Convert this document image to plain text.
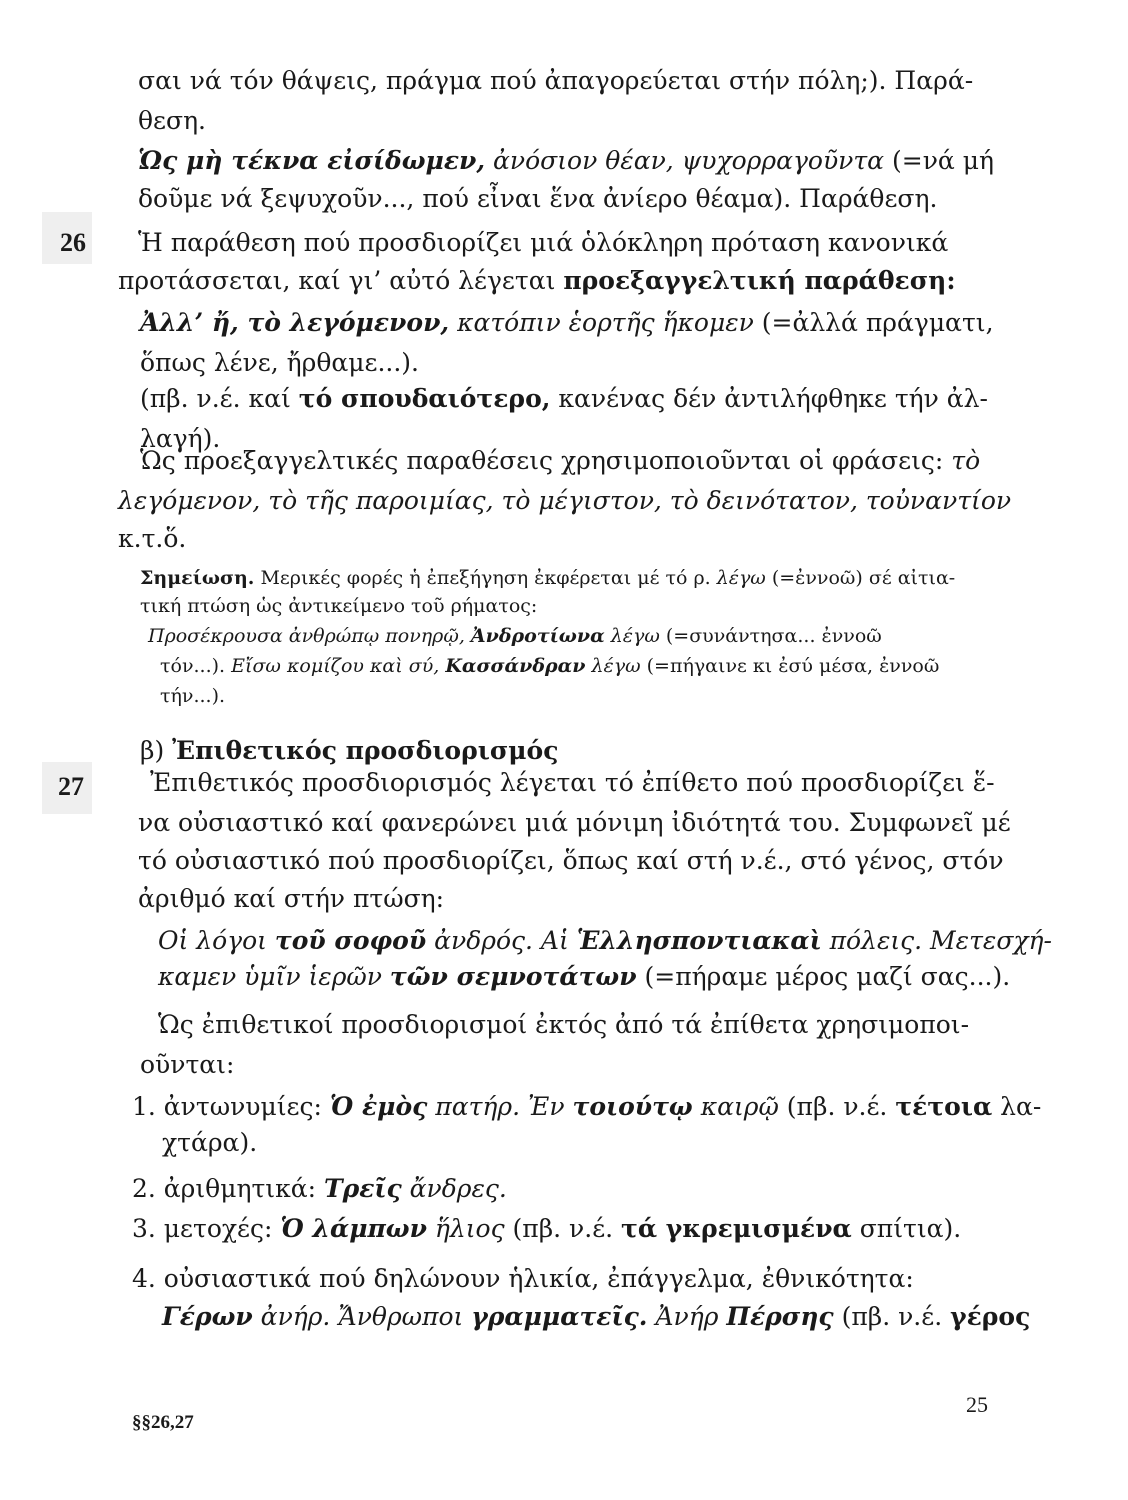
σαι νά τόν θάψεις, πράγμα πού ἀπαγορεύεται στήν πόλη;). Παρά-
θεση.
Ὡς μὴ τέκνα εἰσίδωμεν, ἀνόσιον θέαν, ψυχορραγοῦντα (=νά μή
δοῦμε νά ξεψυχοῦν..., πού εἶναι ἕνα ἀνίερο θέαμα). Παράθεση.
26 Ἡ παράθεση πού προσδιορίζει μιά ὁλόκληρη πρόταση κανονικά
προτάσσεται, καί γι’ αὐτό λέγεται προεξαγγελτική παράθεση:
Ἀλλ’ ἤ, τὸ λεγόμενον, κατόπιν ἑορτῆς ἥκομεν (=ἀλλά πράγματι,
ὅπως λένε, ἤρθαμε...).
(πβ. ν.έ. καί τό σπουδαιότερο, κανένας δέν ἀντιλήφθηκε τήν ἀλ-
λαγή).
Ὡς προεξαγγελτικές παραθέσεις χρησιμοποιοῦνται οἱ φράσεις: τὸ
λεγόμενον, τὸ τῆς παροιμίας, τὸ μέγιστον, τὸ δεινότατον, τοὐναντίον
κ.τ.ὅ.
Σημείωση. Μερικές φορές ἡ ἐπεξήγηση ἐκφέρεται μέ τό ρ. λέγω (=ἐννοῶ) σέ αἰτια-
τική πτώση ὡς ἀντικείμενο τοῦ ρήματος:
Προσέκρουσα ἀνθρώπῳ πονηρῷ, Ἀνδροτίωνα λέγω (=συνάντησα... ἐννοῶ
τόν...). Εἴσω κομίζου καὶ σύ, Κασσάνδραν λέγω (=πήγαινε κι ἐσύ μέσα, ἐννοῶ
τήν...).
β) Ἐπιθετικός προσδιορισμός
27	Ἐπιθετικός προσδιορισμός λέγεται τό ἐπίθετο πού προσδιορίζει ἕ-
να οὐσιαστικό καί φανερώνει μιά μόνιμη ἰδιότητά του. Συμφωνεῖ μέ
τό οὐσιαστικό πού προσδιορίζει, ὅπως καί στή ν.έ., στό γένος, στόν
ἀριθμό καί στήν πτώση:
Οἱ λόγοι τοῦ σοφοῦ ἀνδρός. Αἱ Ἑλλησποντιακαὶ πόλεις. Μετεσχή-
καμεν ὑμῖν ἱερῶν τῶν σεμνοτάτων (=πήραμε μέρος μαζί σας...).
Ὡς ἐπιθετικοί προσδιορισμοί ἐκτός ἀπό τά ἐπίθετα χρησιμοποι-
οῦνται:
1. ἀντωνυμίες: Ὁ ἐμὸς πατήρ. Ἐν τοιούτῳ καιρῷ (πβ. ν.έ. τέτοια λα-
χτάρα).
2. ἀριθμητικά: Τρεῖς ἄνδρες.
3. μετοχές: Ὁ λάμπων ἥλιος (πβ. ν.έ. τά γκρεμισμένα σπίτια).
4. οὐσιαστικά πού δηλώνουν ἡλικία, ἐπάγγελμα, ἐθνικότητα:
Γέρων ἀνήρ. Ἄνθρωποι γραμματεῖς. Ἀνήρ Πέρσης (πβ. ν.έ. γέρος
§§26,27
25
